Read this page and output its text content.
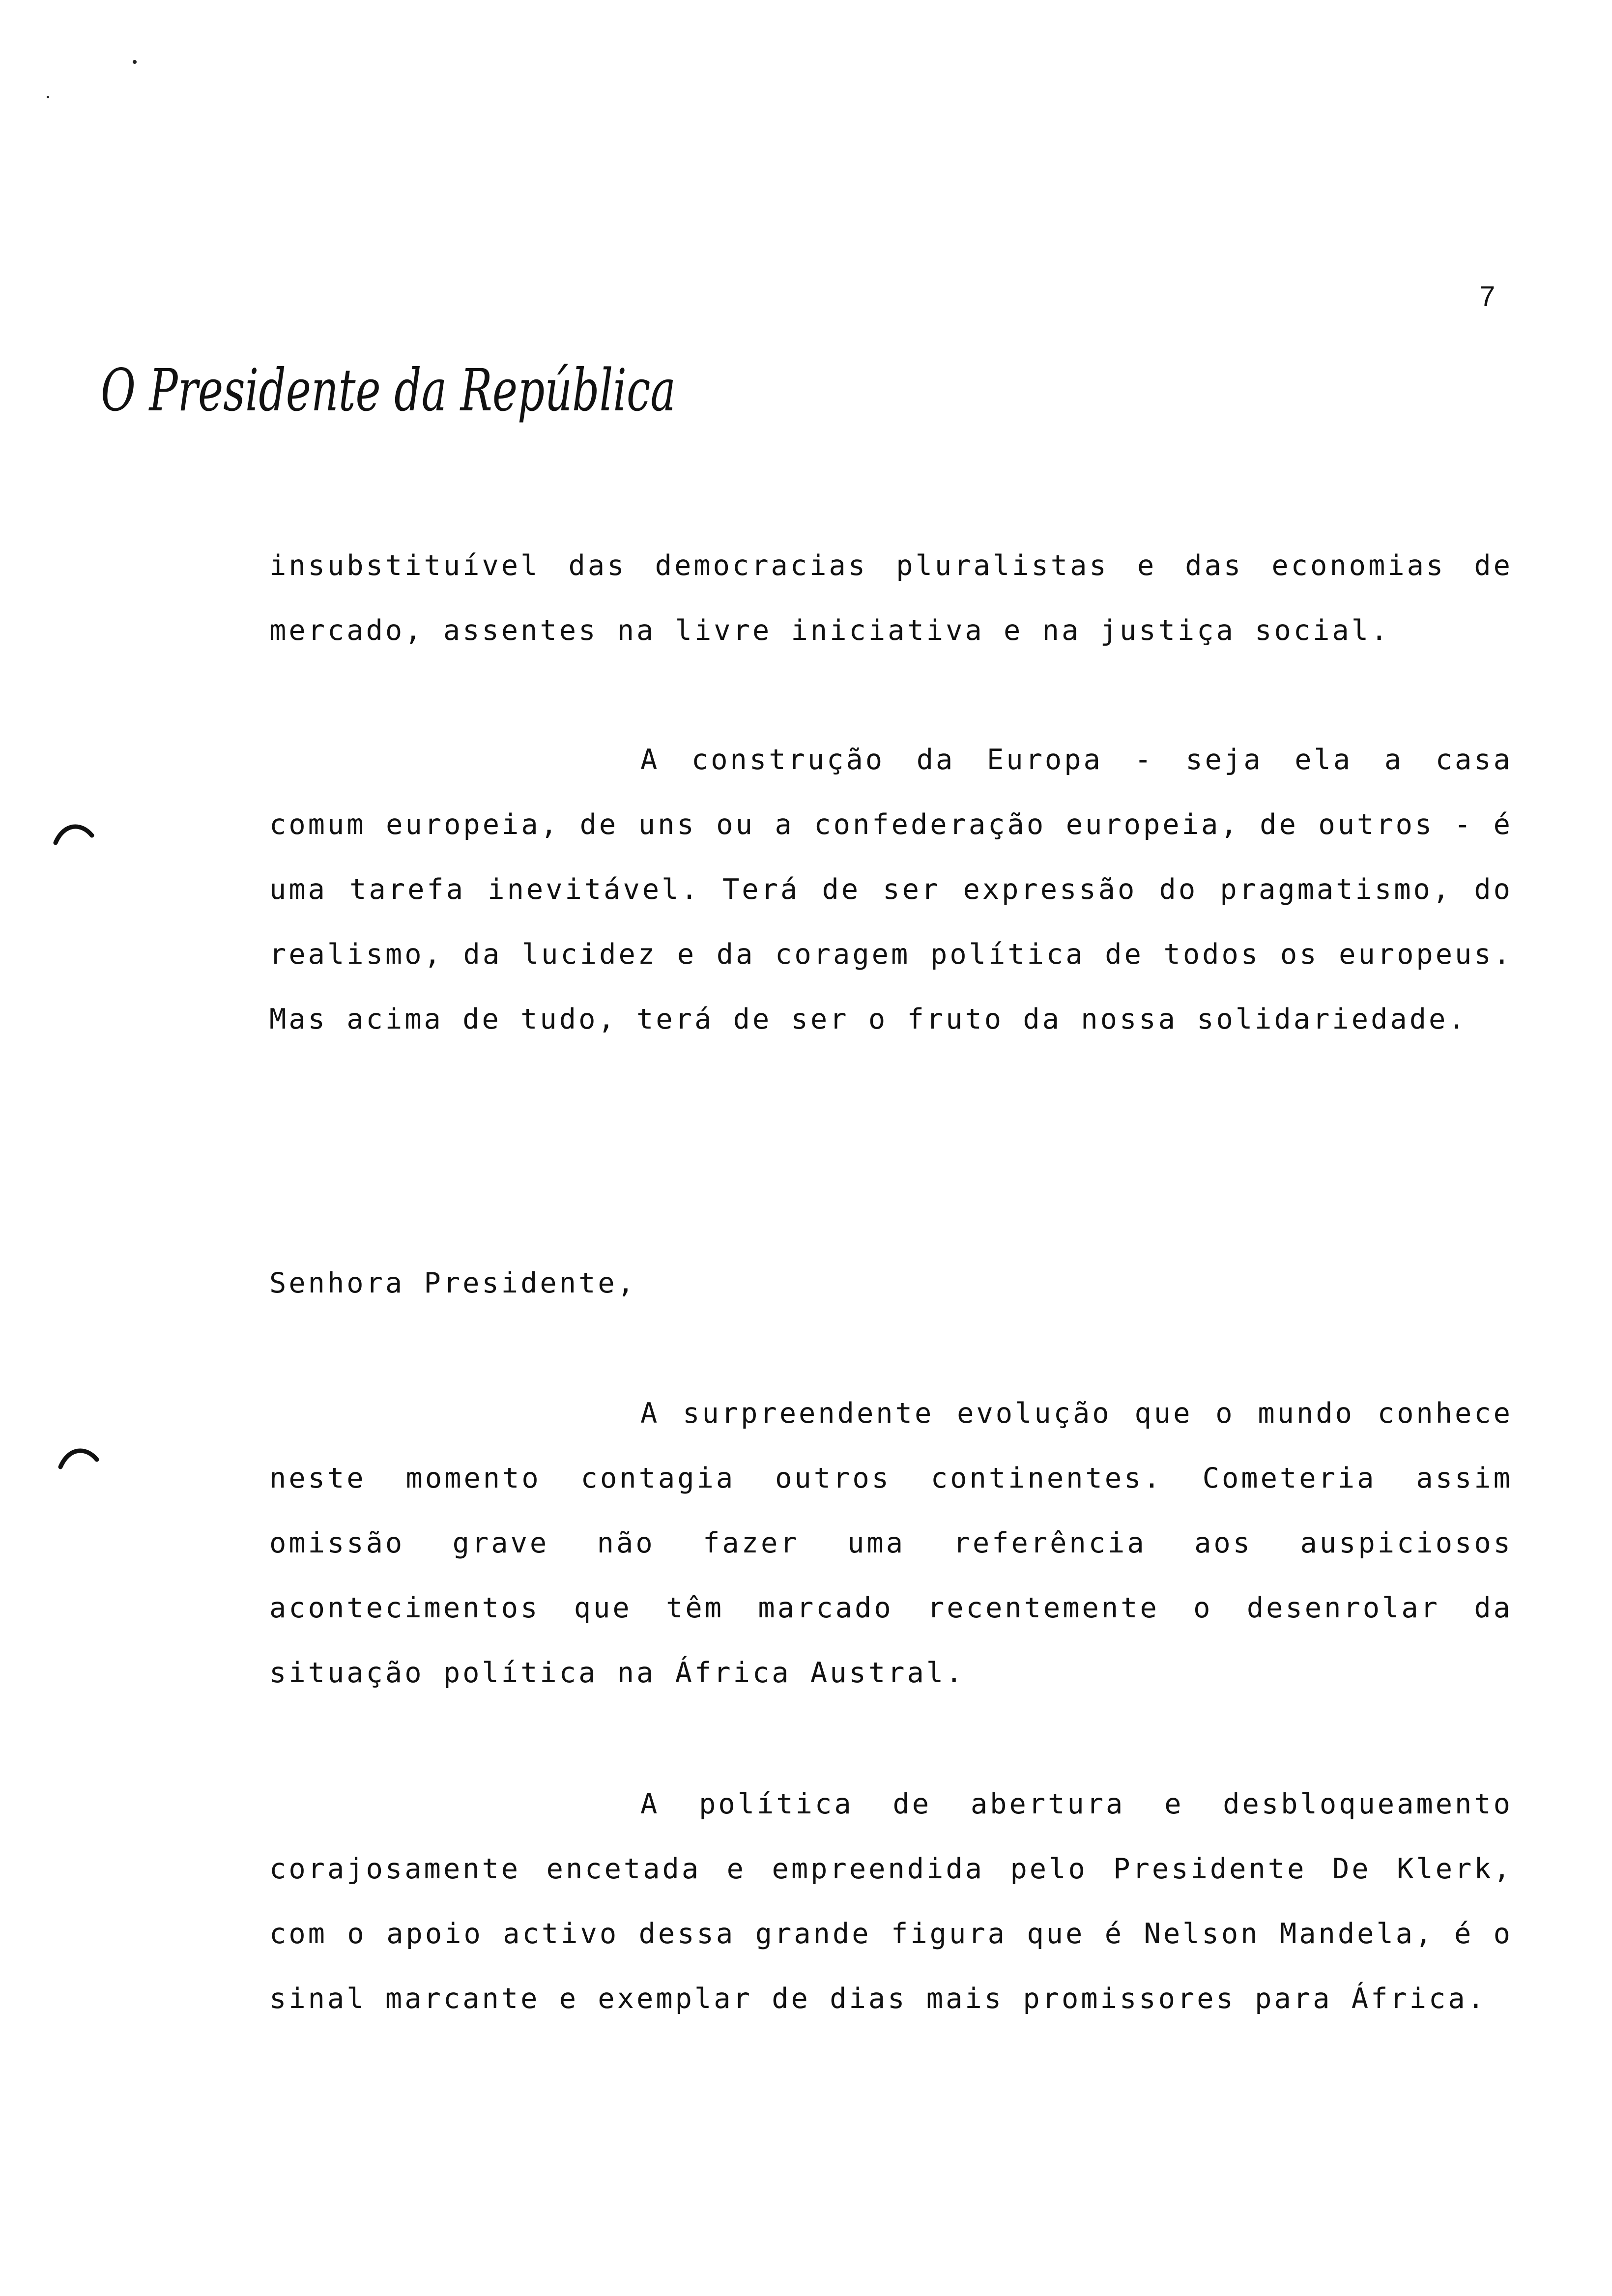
7
O Presidente da República

insubstituível das democracias pluralistas e das economias de mercado, assentes na livre iniciativa e na justiça social.

A construção da Europa - seja ela a casa comum europeia, de uns ou a confederação europeia, de outros - é uma tarefa inevitável. Terá de ser expressão do pragmatismo, do realismo, da lucidez e da coragem política de todos os europeus. Mas acima de tudo, terá de ser o fruto da nossa solidariedade.

Senhora Presidente,

A surpreendente evolução que o mundo conhece neste momento contagia outros continentes. Cometeria assim omissão grave não fazer uma referência aos auspiciosos acontecimentos que têm marcado recentemente o desenrolar da situação política na África Austral.

A política de abertura e desbloqueamento corajosamente encetada e empreendida pelo Presidente De Klerk, com o apoio activo dessa grande figura que é Nelson Mandela, é o sinal marcante e exemplar de dias mais promissores para África.
